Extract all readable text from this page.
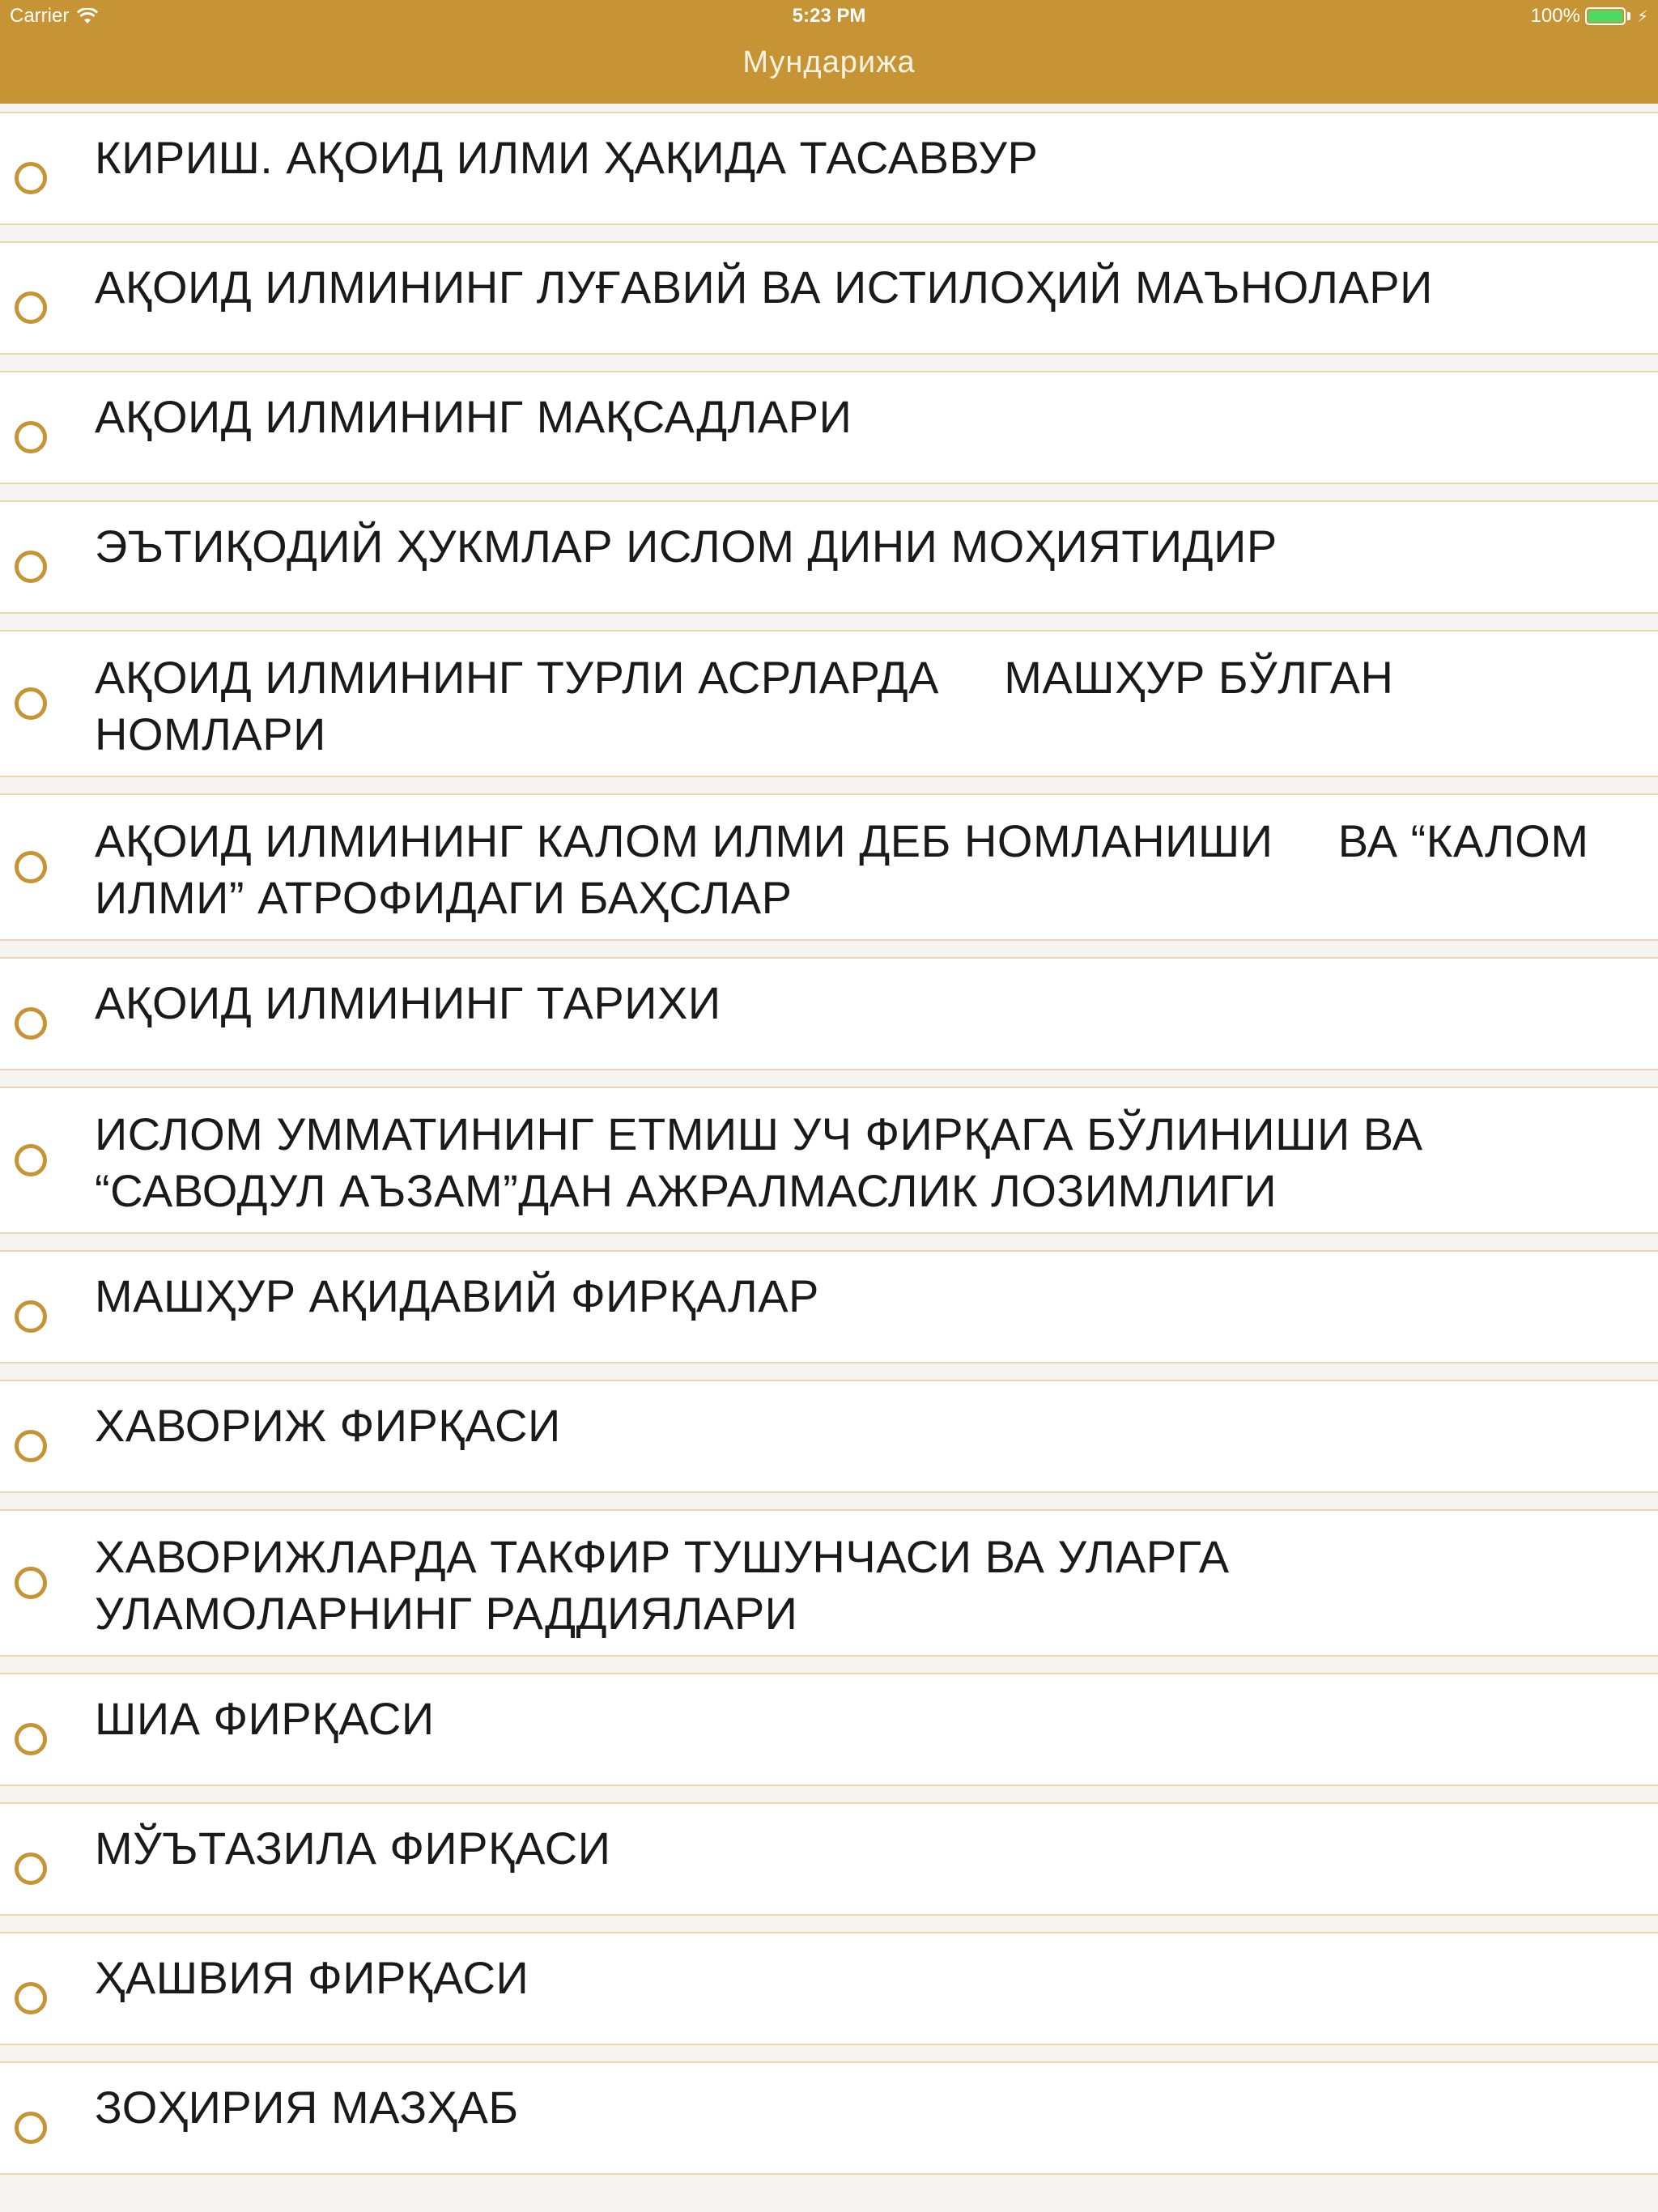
Carrier	5:23 PM	100%	⚡
Мундарижа
КИРИШ. АҚОИД ИЛМИ ҲАҚИДА ТАСАВВУР
АҚОИД ИЛМИНИНГ ЛУҒАВИЙ ВА ИСТИЛОҲИЙ МАЪНОЛАРИ
АҚОИД ИЛМИНИНГ МАҚСАДЛАРИ
ЭЪТИҚОДИЙ ҲУКМЛАР ИСЛОМ ДИНИ МОҲИЯТИДИР
АҚОИД ИЛМИНИНГ ТУРЛИ АСРЛАРДА     МАШҲУР БЎЛГАН НОМЛАРИ
АҚОИД ИЛМИНИНГ КАЛОМ ИЛМИ ДЕБ НОМЛАНИШИ     ВА “КАЛОМ ИЛМИ” АТРОФИДАГИ БАҲСЛАР
АҚОИД ИЛМИНИНГ ТАРИХИ
ИСЛОМ УММАТИНИНГ ЕТМИШ УЧ ФИРҚАГА БЎЛИНИШИ ВА “САВОДУЛ АЪЗАМ”ДАН АЖРАЛМАСЛИК ЛОЗИМЛИГИ
МАШҲУР АҚИДАВИЙ ФИРҚАЛАР
ХАВОРИЖ ФИРҚАСИ
ХАВОРИЖЛАРДА ТАКФИР ТУШУНЧАСИ ВА УЛАРГА УЛАМОЛАРНИНГ РАДДИЯЛАРИ
ШИА ФИРҚАСИ
МЎЪТАЗИЛА ФИРҚАСИ
ҲАШВИЯ ФИРҚАСИ
ЗОҲИРИЯ МАЗҲАБ
